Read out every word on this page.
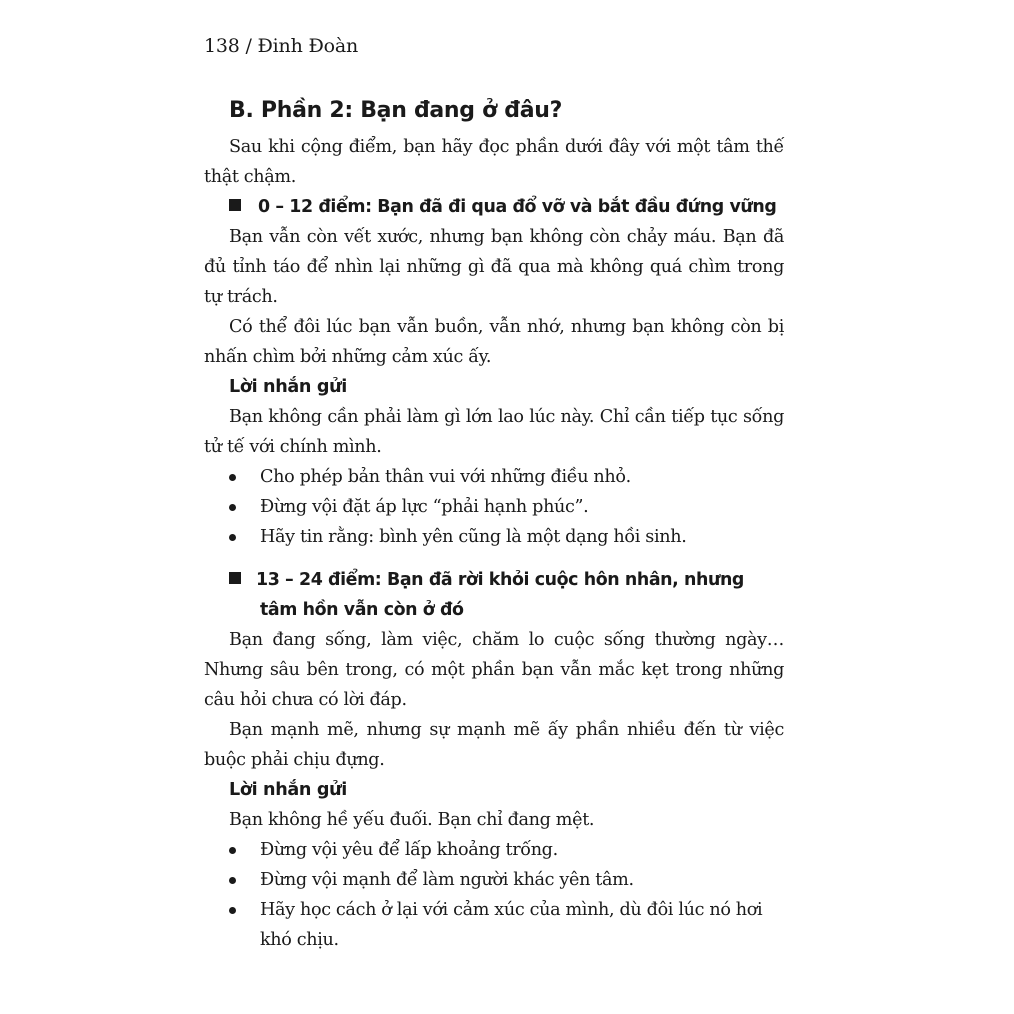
138 / Đinh Đoàn
B. Phần 2: Bạn đang ở đâu?

Sau khi cộng điểm, bạn hãy đọc phần dưới đây với một tâm thế thật chậm.

0 – 12 điểm: Bạn đã đi qua đổ vỡ và bắt đầu đứng vững

Bạn vẫn còn vết xước, nhưng bạn không còn chảy máu. Bạn đã đủ tỉnh táo để nhìn lại những gì đã qua mà không quá chìm trong tự trách.

Có thể đôi lúc bạn vẫn buồn, vẫn nhớ, nhưng bạn không còn bị nhấn chìm bởi những cảm xúc ấy.

Lời nhắn gửi

Bạn không cần phải làm gì lớn lao lúc này. Chỉ cần tiếp tục sống tử tế với chính mình.

Cho phép bản thân vui với những điều nhỏ.
Đừng vội đặt áp lực “phải hạnh phúc”.
Hãy tin rằng: bình yên cũng là một dạng hồi sinh.

13 – 24 điểm: Bạn đã rời khỏi cuộc hôn nhân, nhưng tâm hồn vẫn còn ở đó

Bạn đang sống, làm việc, chăm lo cuộc sống thường ngày… Nhưng sâu bên trong, có một phần bạn vẫn mắc kẹt trong những câu hỏi chưa có lời đáp.

Bạn mạnh mẽ, nhưng sự mạnh mẽ ấy phần nhiều đến từ việc buộc phải chịu đựng.

Lời nhắn gửi

Bạn không hề yếu đuối. Bạn chỉ đang mệt.

Đừng vội yêu để lấp khoảng trống.
Đừng vội mạnh để làm người khác yên tâm.
Hãy học cách ở lại với cảm xúc của mình, dù đôi lúc nó hơi khó chịu.
